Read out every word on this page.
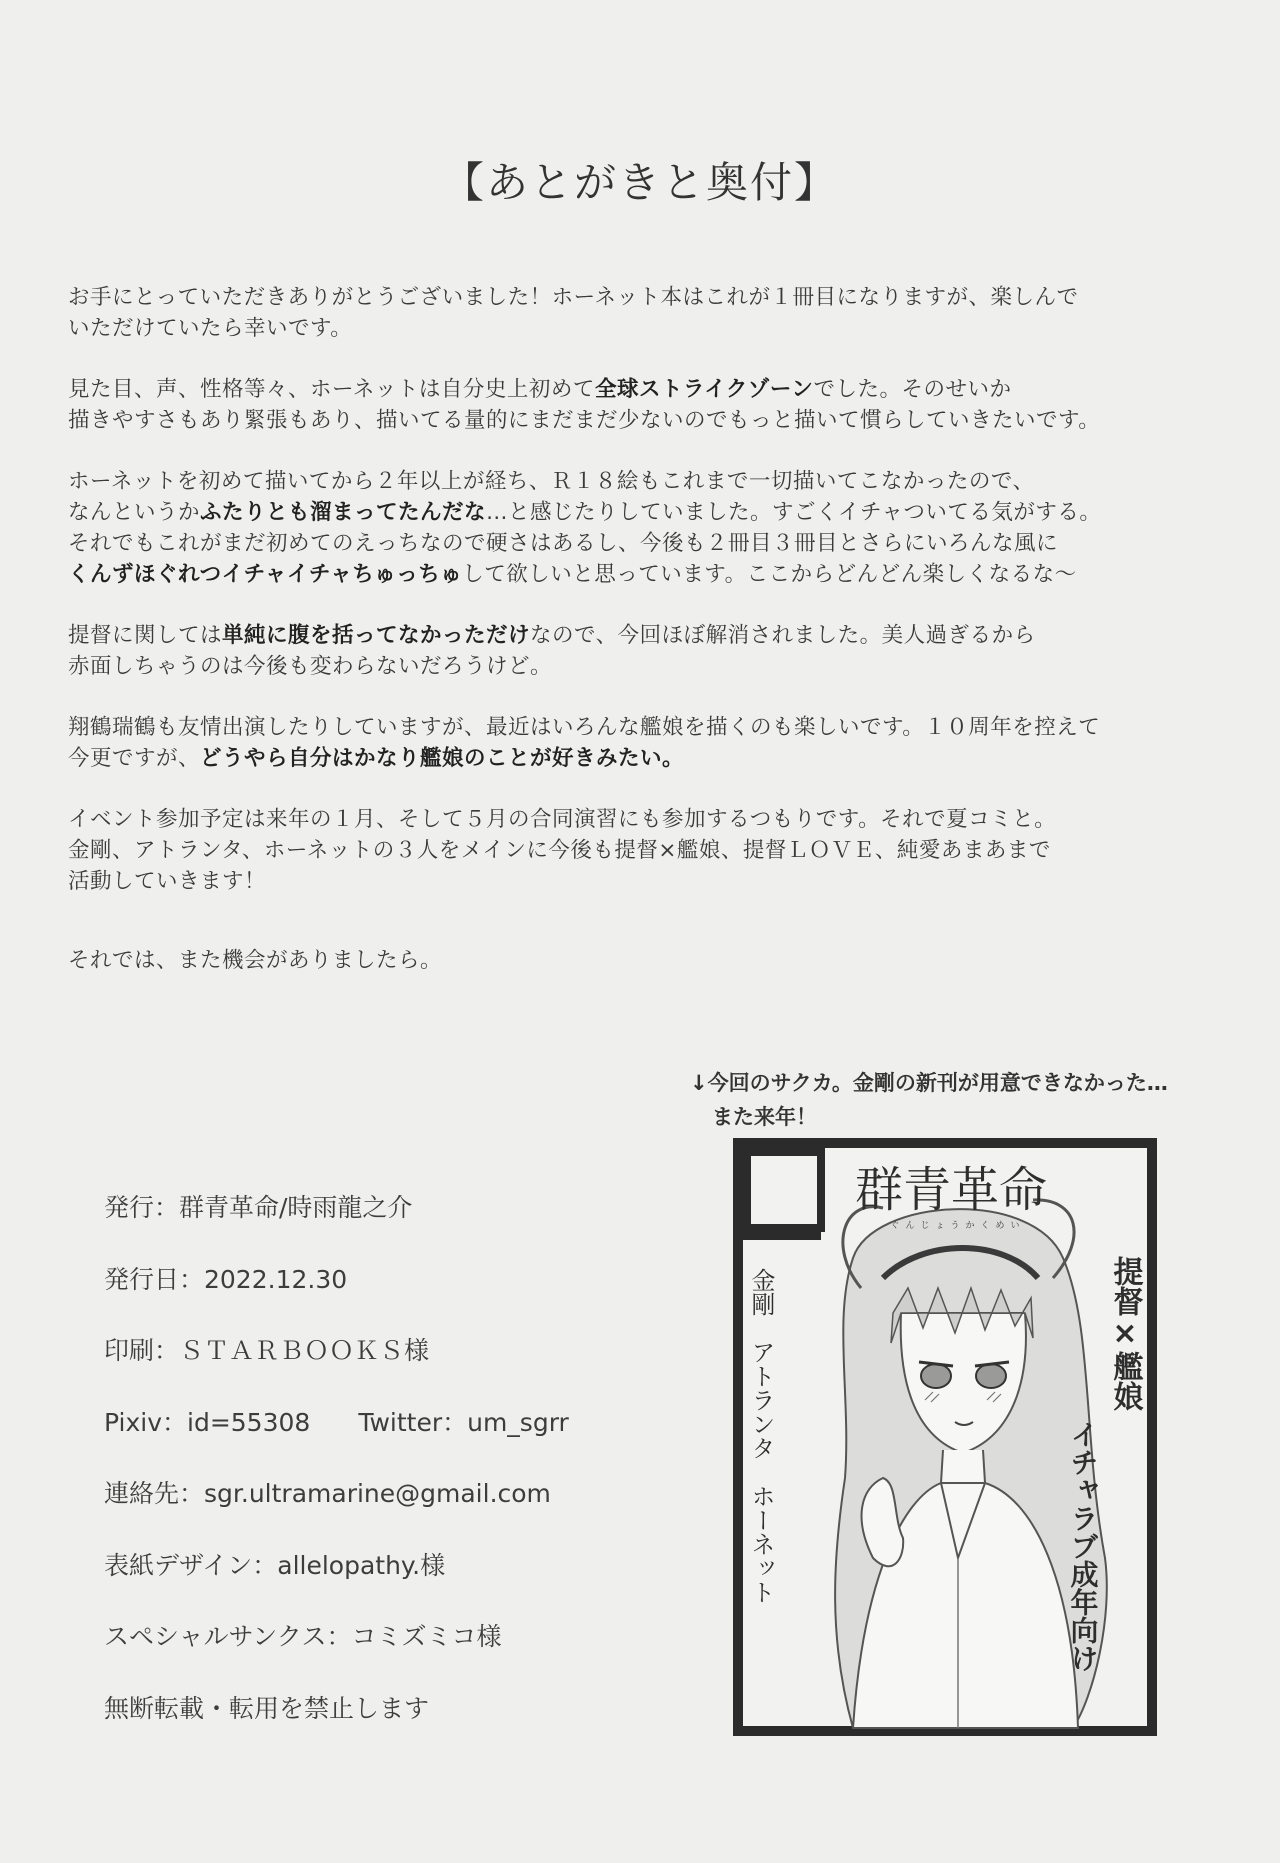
【あとがきと奥付】
お手にとっていただきありがとうございました！ホーネット本はこれが１冊目になりますが、楽しんで
いただけていたら幸いです。
見た目、声、性格等々、ホーネットは自分史上初めて全球ストライクゾーンでした。そのせいか
描きやすさもあり緊張もあり、描いてる量的にまだまだ少ないのでもっと描いて慣らしていきたいです。
ホーネットを初めて描いてから２年以上が経ち、Ｒ１８絵もこれまで一切描いてこなかったので、
なんというかふたりとも溜まってたんだな…と感じたりしていました。すごくイチャついてる気がする。
それでもこれがまだ初めてのえっちなので硬さはあるし、今後も２冊目３冊目とさらにいろんな風に
くんずほぐれつイチャイチャちゅっちゅして欲しいと思っています。ここからどんどん楽しくなるな～
提督に関しては単純に腹を括ってなかっただけなので、今回ほぼ解消されました。美人過ぎるから
赤面しちゃうのは今後も変わらないだろうけど。
翔鶴瑞鶴も友情出演したりしていますが、最近はいろんな艦娘を描くのも楽しいです。１０周年を控えて
今更ですが、どうやら自分はかなり艦娘のことが好きみたい。
イベント参加予定は来年の１月、そして５月の合同演習にも参加するつもりです。それで夏コミと。
金剛、アトランタ、ホーネットの３人をメインに今後も提督×艦娘、提督ＬＯＶＥ、純愛あまあまで
活動していきます！
それでは、また機会がありましたら。
発行：群青革命/時雨龍之介
発行日：2022.12.30
印刷：ＳＴＡＲＢＯＯＫＳ様
Pixiv：id=55308 Twitter：um_sgrr
連絡先：sgr.ultramarine@gmail.com
表紙デザイン：allelopathy.様
スペシャルサンクス：コミズミコ様
無断転載・転用を禁止します
↓今回のサクカ。金剛の新刊が用意できなかった…
また来年！
群青革命
ぐんじょうかくめい
金剛　アトランタ　ホーネット	提督×艦娘
イチャラブ成年向け
